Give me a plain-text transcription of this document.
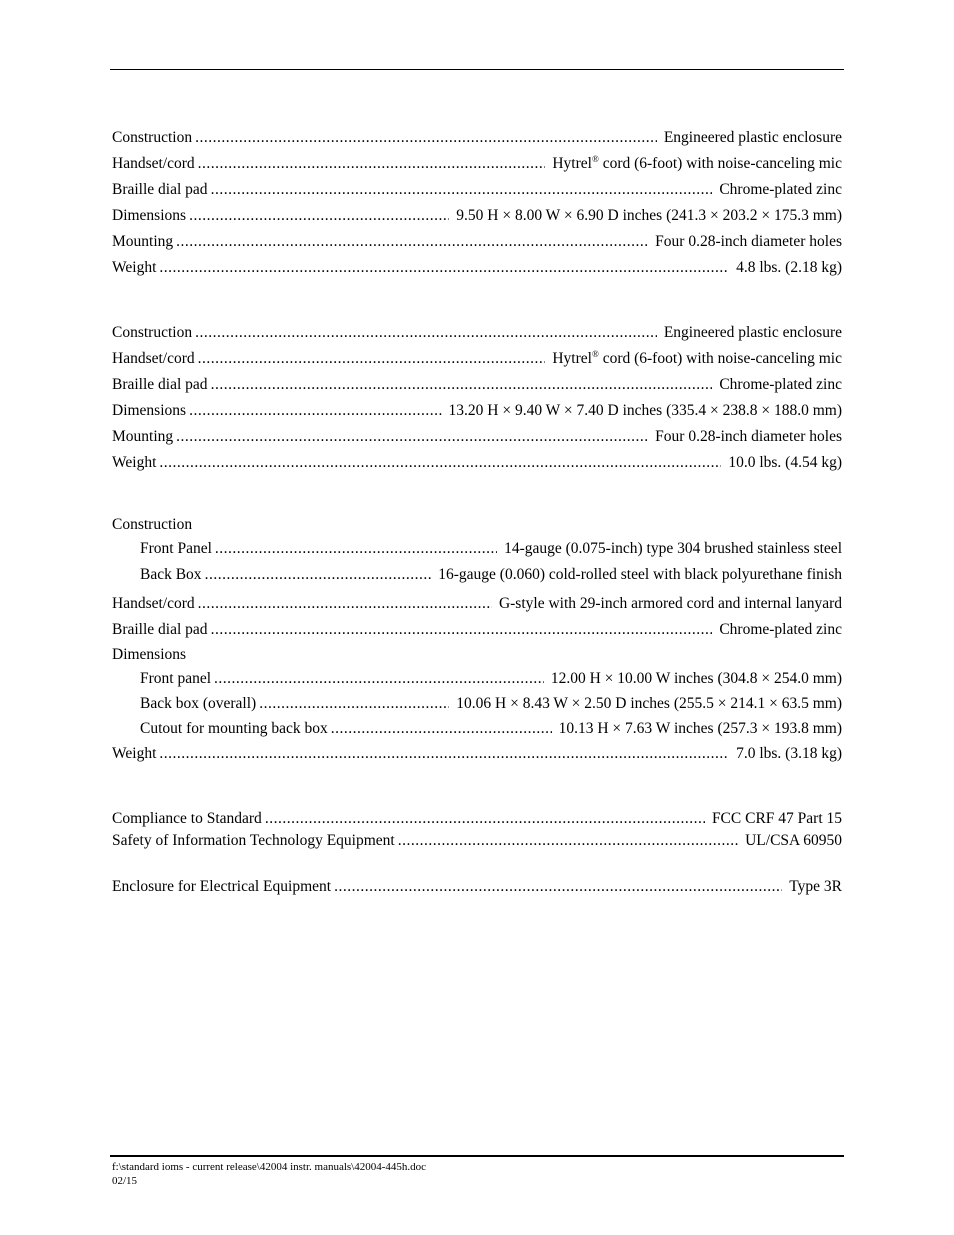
Construction .....	Engineered plastic enclosure
Handset/cord .....	Hytrel® cord (6-foot) with noise-canceling mic
Braille dial pad .....	Chrome-plated zinc
Dimensions .....	9.50 H × 8.00 W × 6.90 D inches (241.3 × 203.2 × 175.3 mm)
Mounting .....	Four 0.28-inch diameter holes
Weight .....	4.8 lbs. (2.18 kg)
Construction .....	Engineered plastic enclosure
Handset/cord .....	Hytrel® cord (6-foot) with noise-canceling mic
Braille dial pad .....	Chrome-plated zinc
Dimensions .....	13.20 H × 9.40 W × 7.40 D inches (335.4 × 238.8 × 188.0 mm)
Mounting .....	Four 0.28-inch diameter holes
Weight .....	10.0 lbs. (4.54 kg)
Construction
Front Panel .....	14-gauge (0.075-inch) type 304 brushed stainless steel
Back Box .....	16-gauge (0.060) cold-rolled steel with black polyurethane finish
Handset/cord .....	G-style with 29-inch armored cord and internal lanyard
Braille dial pad .....	Chrome-plated zinc
Dimensions
Front panel .....	12.00 H × 10.00 W inches (304.8 × 254.0 mm)
Back box (overall) .....	10.06 H × 8.43 W × 2.50 D inches (255.5 × 214.1 × 63.5 mm)
Cutout for mounting back box .....	10.13 H × 7.63 W inches (257.3 × 193.8 mm)
Weight .....	7.0 lbs. (3.18 kg)
Compliance to Standard .....	FCC CRF 47 Part 15
Safety of Information Technology Equipment .....	UL/CSA 60950
Enclosure for Electrical Equipment .....	Type 3R
f:\standard ioms - current release\42004 instr. manuals\42004-445h.doc
02/15
